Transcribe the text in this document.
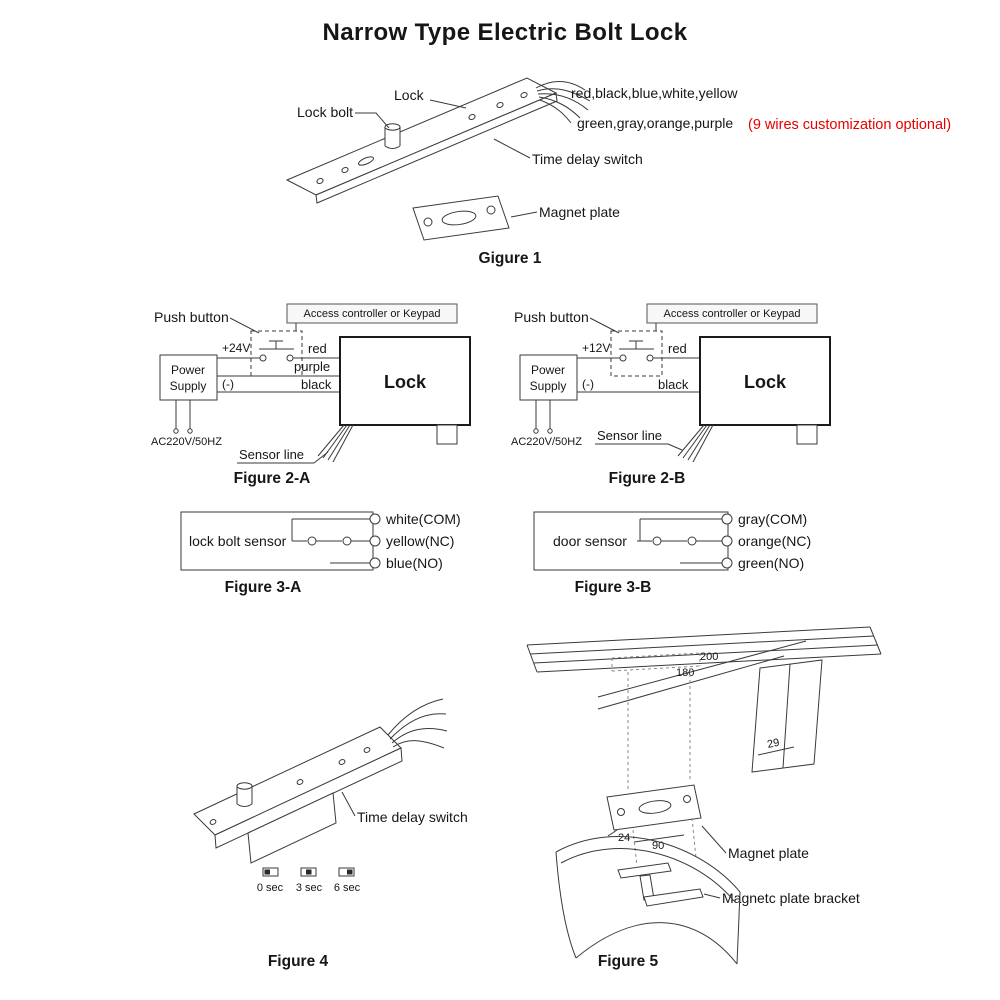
Narrow Type Electric Bolt Lock
Lock
Lock bolt
red,black,blue,white,yellow
green,gray,orange,purple (9 wires customization optional)
Time delay switch
Magnet plate
Gigure 1
Access controller or Keypad
Push button
Power
Supply
+24V
(-)
red
purple
black	Lock
AC220V/50HZ
Sensor line
Figure 2-A
Access controller or Keypad
Push button
Power
Supply
+12V
(-)
red
black	Lock
AC220V/50HZ Sensor line
Figure 2-B
lock bolt sensor
white(COM)
yellow(NC)
blue(NO)
Figure 3-A
door sensor
gray(COM)
orange(NC)
green(NO)
Figure 3-B
Time delay switch
0 sec 3 sec 6 sec
Figure 4
200
180
29
24
90	Magnet plate
Magnetc plate bracket
Figure 5
